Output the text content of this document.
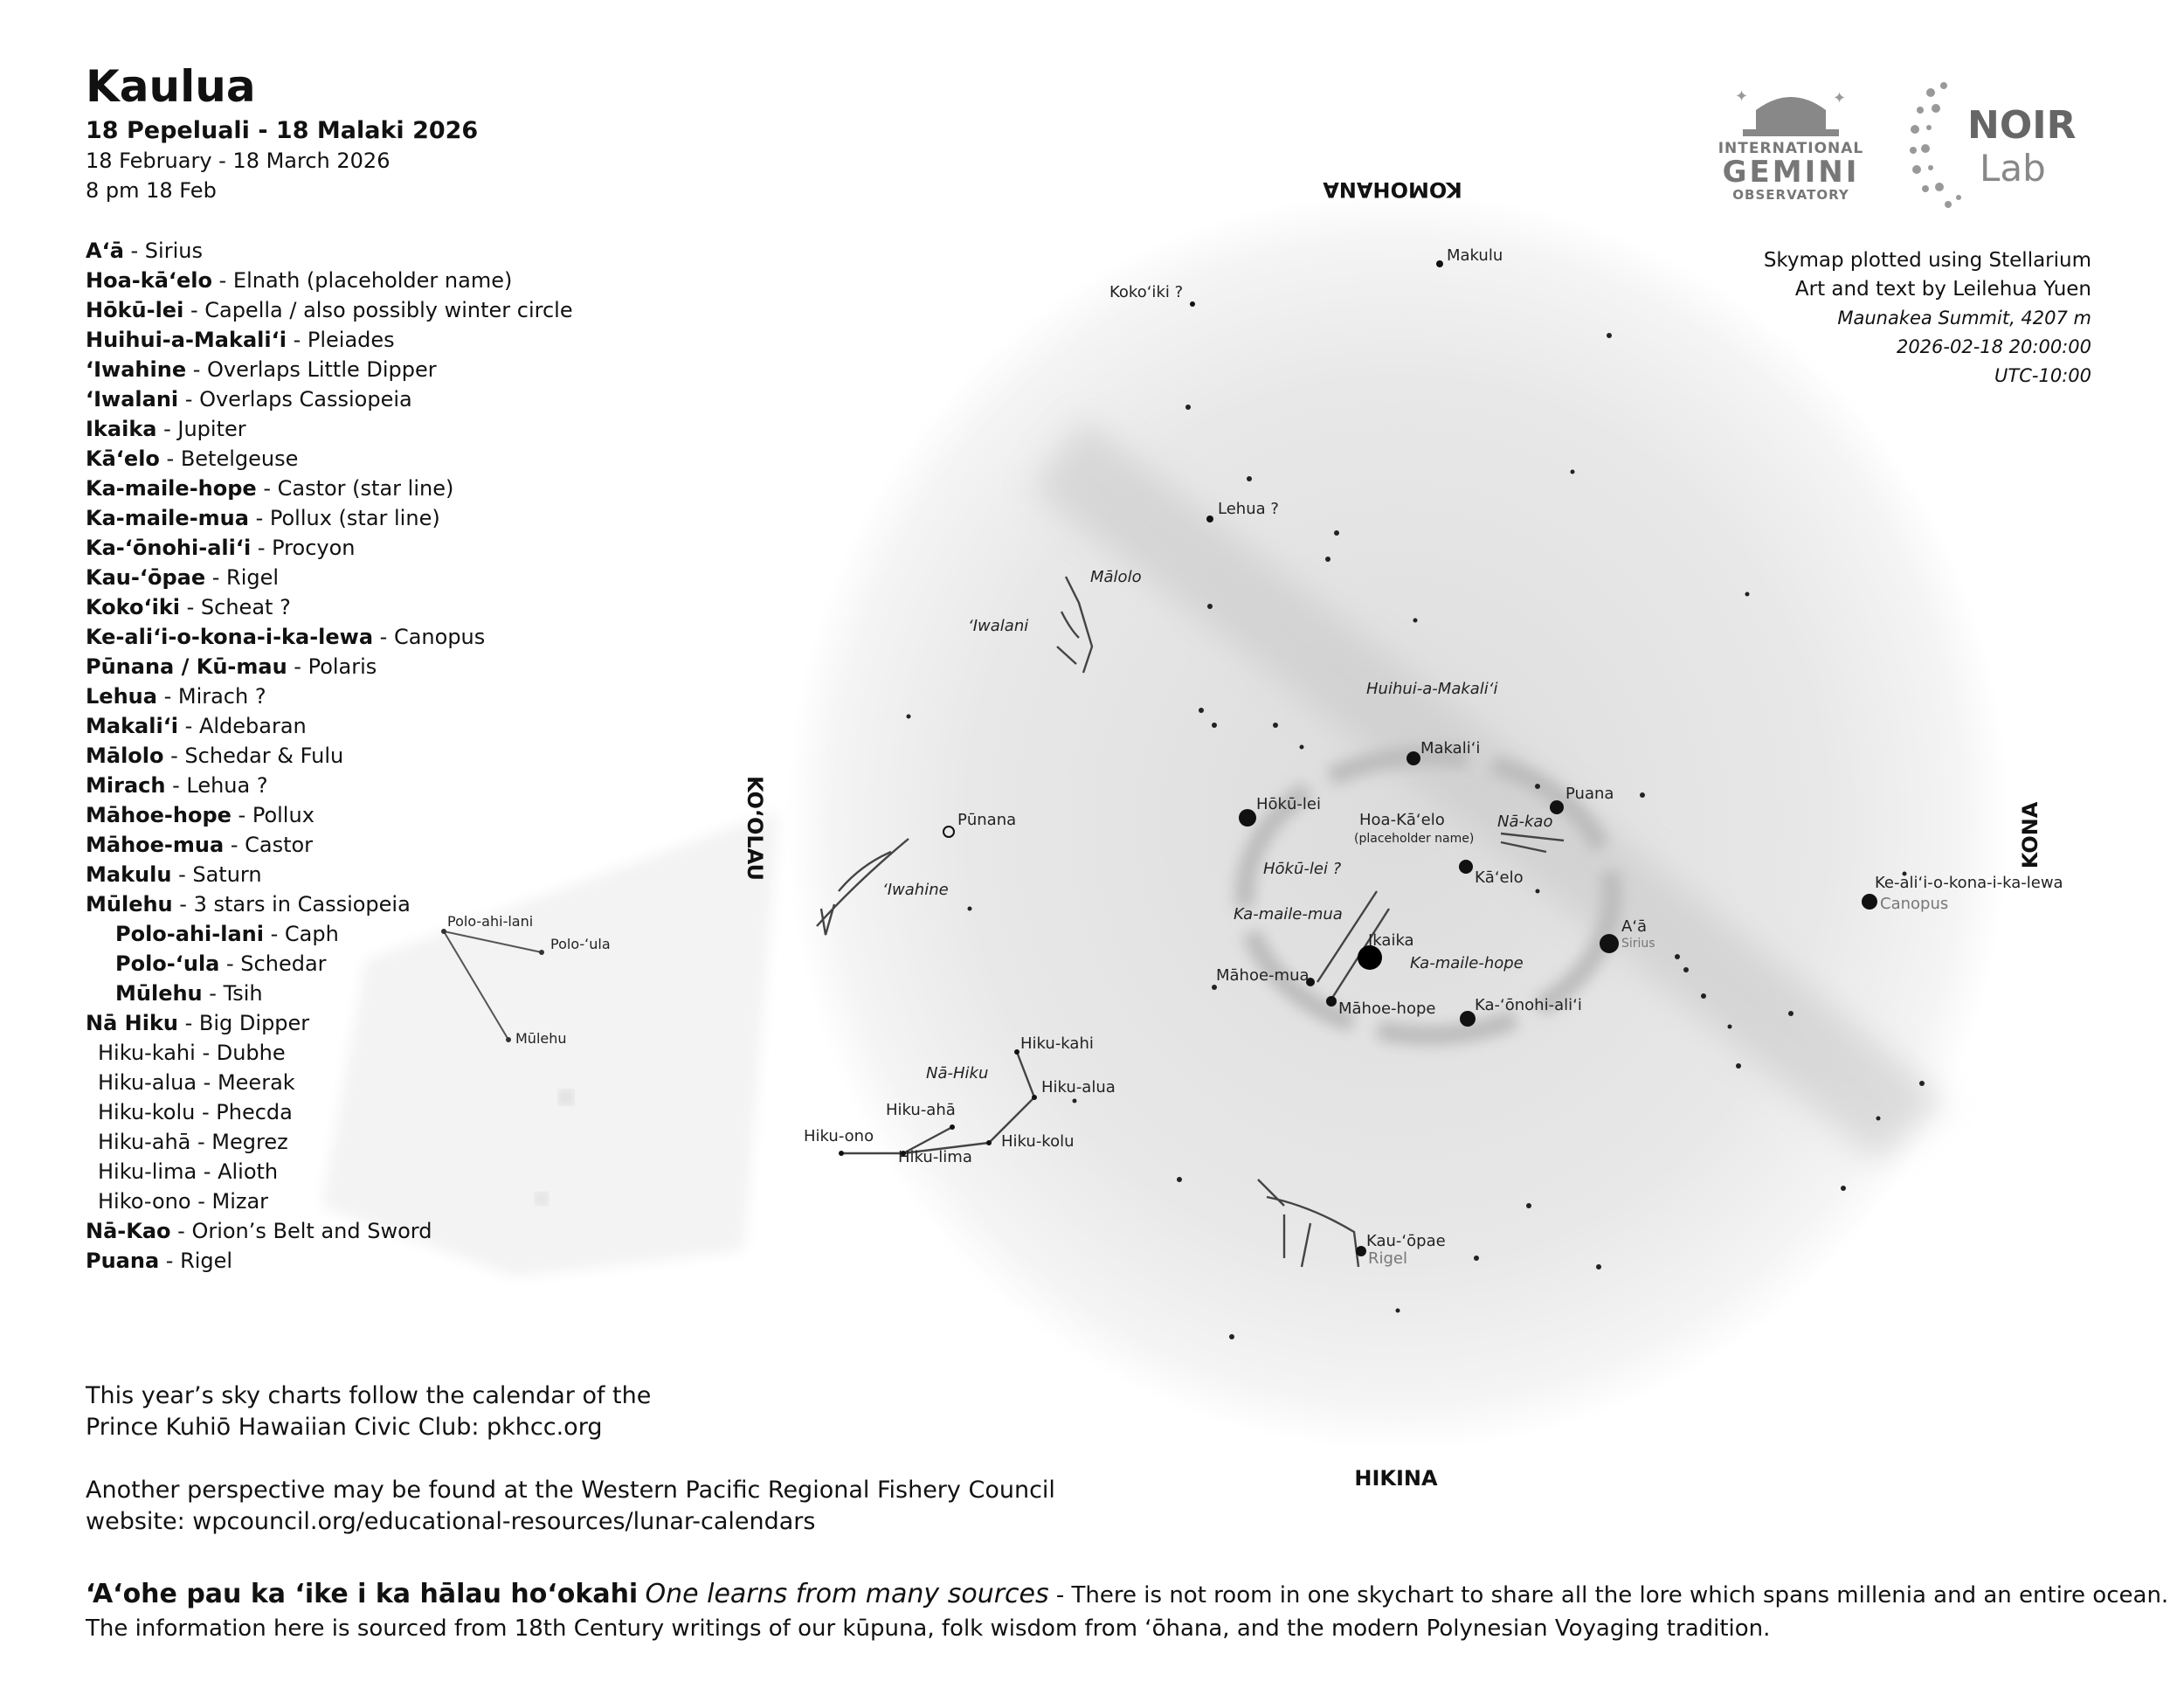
KOMOHANA
HIKINA
KOʻOLAU	KONA
Makulu
Kokoʻiki ?
Lehua ?
Mālolo
ʻIwalani
Huihui-a-Makaliʻi
Makaliʻi
Puana
Hōkū-lei
Hoa-Kāʻelo
(placeholder name)
Nā-kao
Hōkū-lei ?	Kāʻelo
Ka-maile-mua
Ikaika
Ka-maile-hope
Aʻā
Sirius
Māhoe-mua
Māhoe-hope Ka-ʻōnohi-aliʻi
Ke-aliʻi-o-kona-i-ka-lewa
Canopus
Pūnana
ʻIwahine
Nā-Hiku
Hiku-kahi
Hiku-alua
Hiku-ahā
Hiku-ono
Hiku-lima
Hiku-kolu
Kau-ʻōpae
Rigel
Polo-ahi-lani
Polo-ʻula
Mūlehu
Kaulua
18 Pepeluali - 18 Malaki 2026
18 February - 18 March 2026
8 pm 18 Feb
Aʻā - Sirius
Hoa-kāʻelo - Elnath (placeholder name)
Hōkū-lei - Capella / also possibly winter circle
Huihui-a-Makaliʻi - Pleiades
ʻIwahine - Overlaps Little Dipper
ʻIwalani - Overlaps Cassiopeia
Ikaika - Jupiter
Kāʻelo - Betelgeuse
Ka-maile-hope - Castor (star line)
Ka-maile-mua - Pollux (star line)
Ka-ʻōnohi-aliʻi - Procyon
Kau-ʻōpae - Rigel
Kokoʻiki - Scheat ?
Ke-aliʻi-o-kona-i-ka-lewa - Canopus
Pūnana / Kū-mau - Polaris
Lehua - Mirach ?
Makaliʻi - Aldebaran
Mālolo - Schedar & Fulu
Mirach - Lehua ?
Māhoe-hope - Pollux
Māhoe-mua - Castor
Makulu - Saturn
Mūlehu - 3 stars in Cassiopeia
Polo-ahi-lani - Caph
Polo-ʻula - Schedar
Mūlehu - Tsih
Nā Hiku - Big Dipper
Hiku-kahi - Dubhe
Hiku-alua - Meerak
Hiku-kolu - Phecda
Hiku-ahā - Megrez
Hiku-lima - Alioth
Hiko-ono - Mizar
Nā-Kao - Orion’s Belt and Sword
Puana - Rigel
✦	✦
INTERNATIONAL
GEMINI
OBSERVATORY
NOIR
Lab
Skymap plotted using Stellarium
Art and text by Leilehua Yuen
Maunakea Summit, 4207 m
2026-02-18 20:00:00
UTC-10:00
This year’s sky charts follow the calendar of the
Prince Kuhiō Hawaiian Civic Club: pkhcc.org
Another perspective may be found at the Western Pacific Regional Fishery Council
website: wpcouncil.org/educational-resources/lunar-calendars
ʻAʻohe pau ka ʻike i ka hālau hoʻokahi One learns from many sources - There is not room in one skychart to share all the lore which spans millenia and an entire ocean.
The information here is sourced from 18th Century writings of our kūpuna, folk wisdom from ʻōhana, and the modern Polynesian Voyaging tradition.
